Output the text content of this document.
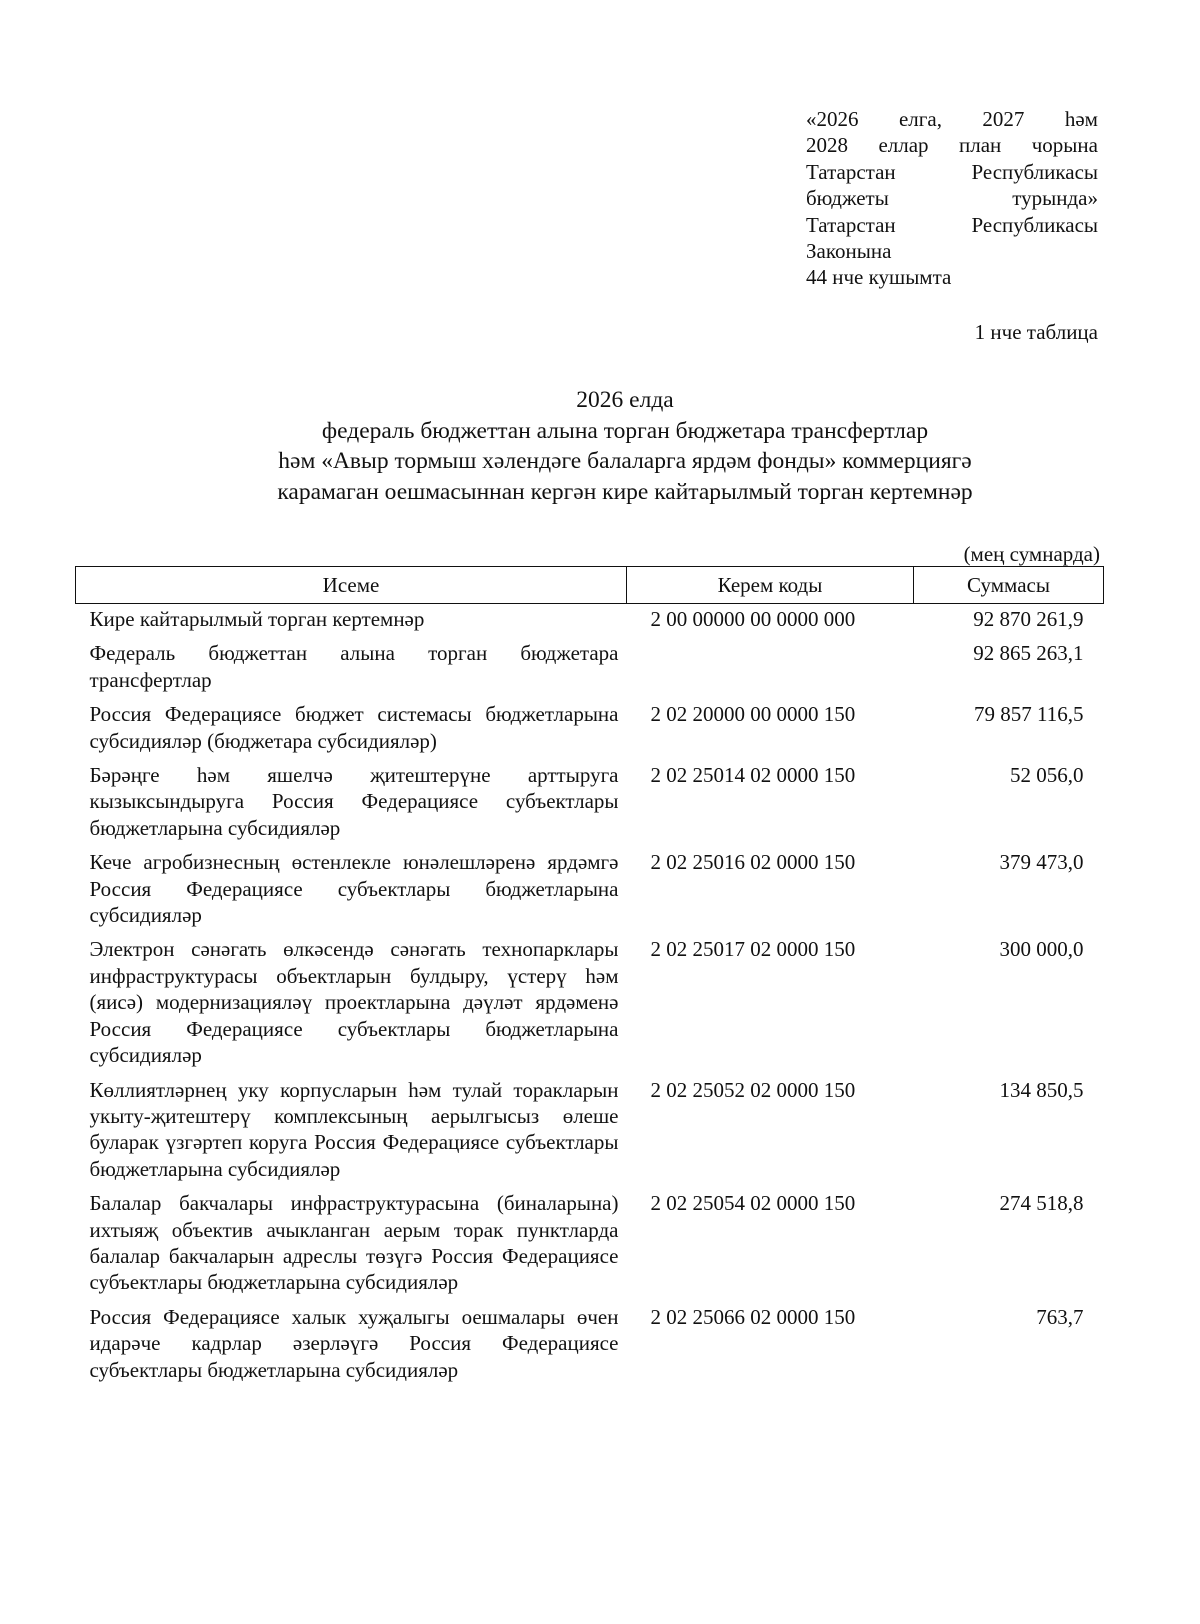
«2026 елга, 2027 һәм
2028 еллар план чорына
Татарстан	Республикасы
бюджеты	турында»
Татарстан	Республикасы
Законына
44 нче кушымта
1 нче таблица
2026 елда
федераль бюджеттан алына торган бюджетара трансфертлар
һәм «Авыр тормыш хәлендәге балаларга ярдәм фонды» коммерциягә
карамаган оешмасыннан кергән кире кайтарылмый торган кертемнәр
(мең сумнарда)
Исеме	Керем коды	Суммасы
Кире кайтарылмый торган кертемнәр	2 00 00000 00 0000 000	92 870 261,9
Федераль бюджеттан алына торган бюджетара трансфертлар		92 865 263,1
Россия Федерациясе бюджет системасы бюджетларына субсидияләр (бюджетара субсидияләр)	2 02 20000 00 0000 150	79 857 116,5
Бәрәңге һәм яшелчә җитештерүне арттыруга кызыксындыруга Россия Федерациясе субъектлары бюджетларына субсидияләр	2 02 25014 02 0000 150	52 056,0
Кече агробизнесның өстенлекле юнәлешләренә ярдәмгә Россия Федерациясе субъектлары бюджетларына субсидияләр	2 02 25016 02 0000 150	379 473,0
Электрон сәнәгать өлкәсендә сәнәгать технопарклары инфраструктурасы объектларын булдыру, үстерү һәм (яисә) модернизацияләү проектларына дәүләт ярдәменә Россия Федерациясе субъектлары бюджетларына субсидияләр	2 02 25017 02 0000 150	300 000,0
Көллиятләрнең уку корпусларын һәм тулай торакларын укыту-җитештерү комплексының аерылгысыз өлеше буларак үзгәртеп коруга Россия Федерациясе субъектлары бюджетларына субсидияләр	2 02 25052 02 0000 150	134 850,5
Балалар бакчалары инфраструктурасына (биналарына) ихтыяҗ объектив ачыкланган аерым торак пунктларда балалар бакчаларын адреслы төзүгә Россия Федерациясе субъектлары бюджетларына субсидияләр	2 02 25054 02 0000 150	274 518,8
Россия Федерациясе халык хуҗалыгы оешмалары өчен идарәче кадрлар әзерләүгә Россия Федерациясе субъектлары бюджетларына субсидияләр	2 02 25066 02 0000 150	763,7
